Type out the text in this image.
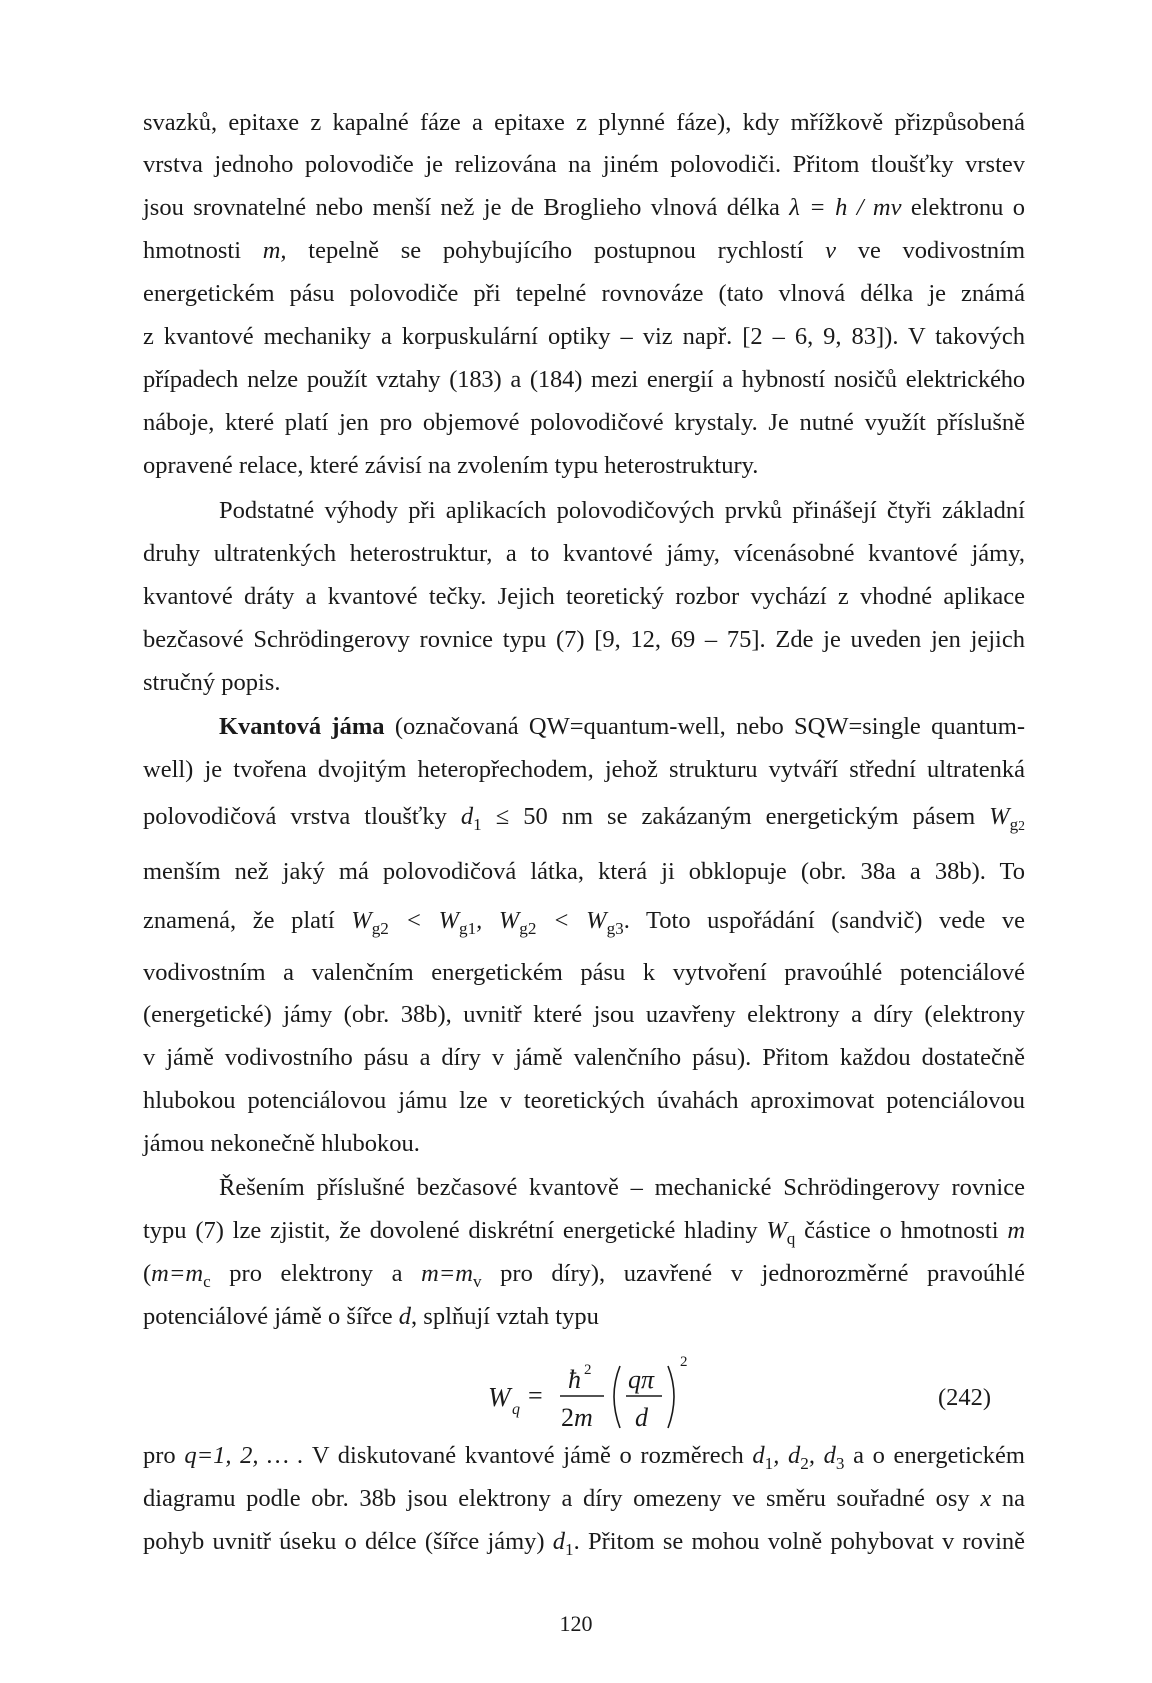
svazků, epitaxe z kapalné fáze a epitaxe z plynné fáze), kdy mřížkově přizpůsobená
vrstva jednoho polovodiče je relizována na jiném polovodiči. Přitom tloušťky vrstev
jsou srovnatelné nebo menší než je de Broglieho vlnová délka λ = h / mv elektronu o
hmotnosti m, tepelně se pohybujícího postupnou rychlostí v ve vodivostním
energetickém pásu polovodiče při tepelné rovnováze (tato vlnová délka je známá
z kvantové mechaniky a korpuskulární optiky – viz např. [2 – 6, 9, 83]). V takových
případech nelze použít vztahy (183) a (184) mezi energií a hybností nosičů elektrického
náboje, které platí jen pro objemové polovodičové krystaly. Je nutné využít příslušně
opravené relace, které závisí na zvolením typu heterostruktury.
Podstatné výhody při aplikacích polovodičových prvků přinášejí čtyři základní
druhy ultratenkých heterostruktur, a to kvantové jámy, vícenásobné kvantové jámy,
kvantové dráty a kvantové tečky. Jejich teoretický rozbor vychází z vhodné aplikace
bezčasové Schrödingerovy rovnice typu (7) [9, 12, 69 – 75]. Zde je uveden jen jejich
stručný popis.
Kvantová jáma (označovaná QW=quantum-well, nebo SQW=single quantum-
well) je tvořena dvojitým heteropřechodem, jehož strukturu vytváří střední ultratenká
polovodičová vrstva tloušťky $d_1 \le 50$ nm se zakázaným energetickým pásem $W_{g2}$
menším než jaký má polovodičová látka, která ji obklopuje (obr. 38a a 38b). To
znamená, že platí $W_{g2} < W_{g1}$, $W_{g2} < W_{g3}$. Toto uspořádání (sandvič) vede ve
vodivostním a valenčním energetickém pásu k vytvoření pravoúhlé potenciálové
(energetické) jámy (obr. 38b), uvnitř které jsou uzavřeny elektrony a díry (elektrony
v jámě vodivostního pásu a díry v jámě valenčního pásu). Přitom každou dostatečně
hlubokou potenciálovou jámu lze v teoretických úvahách aproximovat potenciálovou
jámou nekonečně hlubokou.
Řešením příslušné bezčasové kvantově – mechanické Schrödingerovy rovnice
typu (7) lze zjistit, že dovolené diskrétní energetické hladiny $W_q$ částice o hmotnosti m
($m=m_c$ pro elektrony a $m=m_v$ pro díry), uzavřené v jednorozměrné pravoúhlé
potenciálové jámě o šířce d, splňují vztah typu
W q =
ħ 2
2m
qπ
d
2
(242)
pro q=1, 2, … . V diskutované kvantové jámě o rozměrech $d_1$, $d_2$, $d_3$ a o energetickém
diagramu podle obr. 38b jsou elektrony a díry omezeny ve směru souřadné osy x na
pohyb uvnitř úseku o délce (šířce jámy) $d_1$. Přitom se mohou volně pohybovat v rovině
120
